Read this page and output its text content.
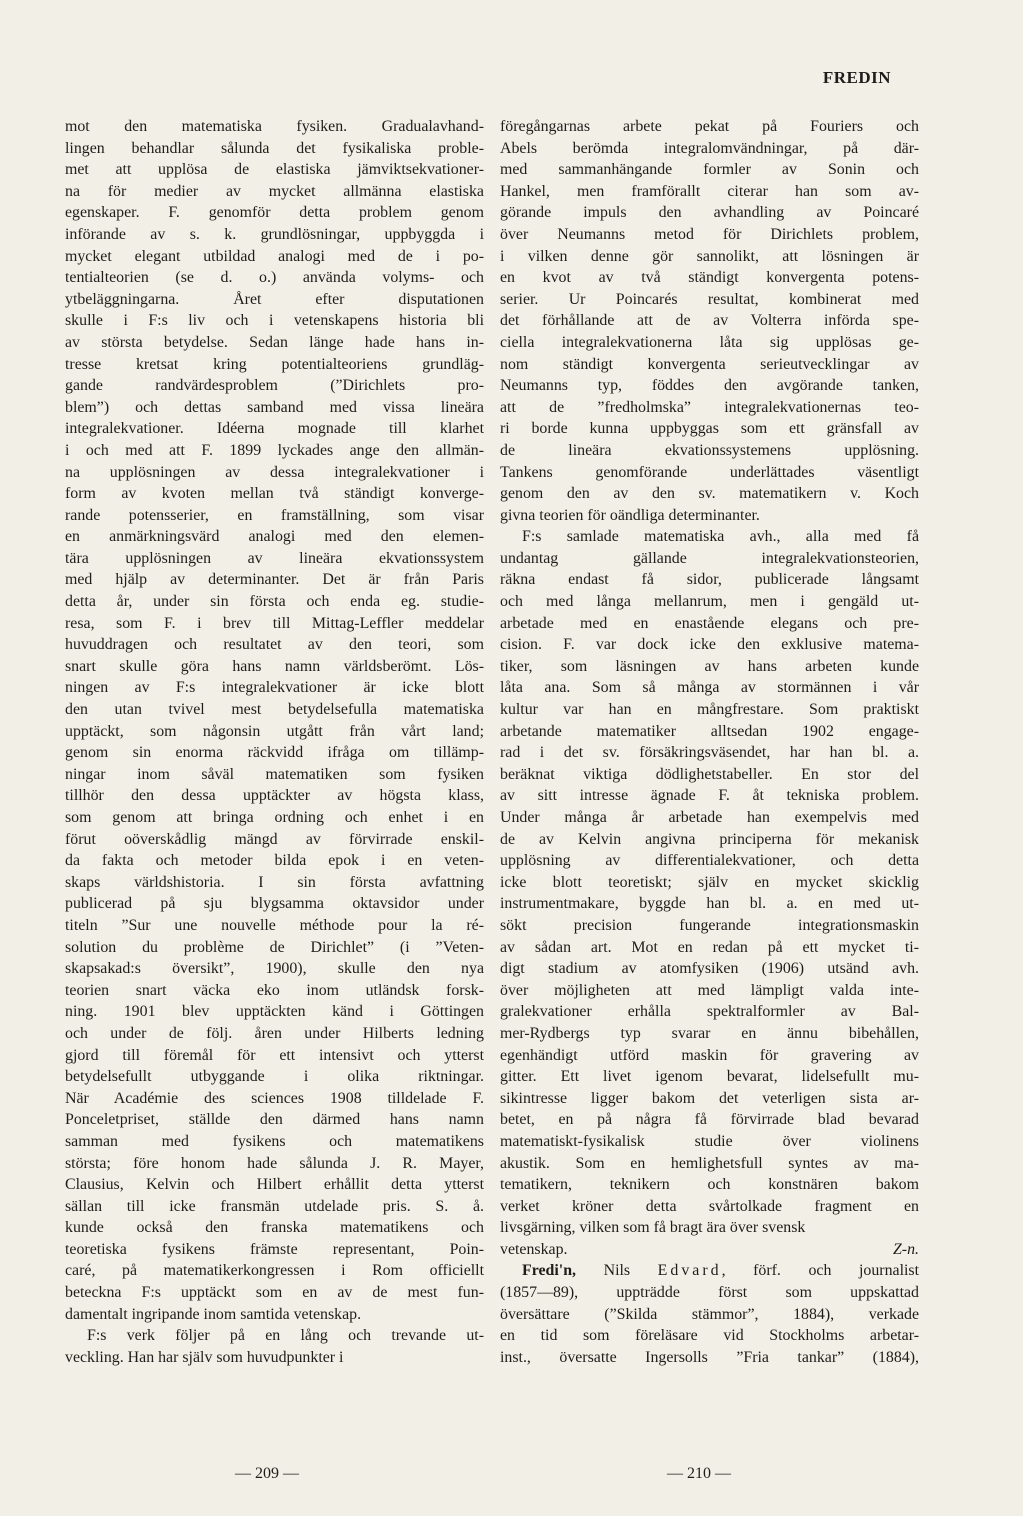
FREDIN

mot den matematiska fysiken. Gradualavhand-

lingen behandlar sålunda det fysikaliska proble-

met att upplösa de elastiska jämviktsekvationer-

na för medier av mycket allmänna elastiska

egenskaper. F. genomför detta problem genom

införande av s. k. grundlösningar, uppbyggda i

mycket elegant utbildad analogi med de i po-

tentialteorien (se d. o.) använda volyms- och

ytbeläggningarna. Året efter disputationen

skulle i F:s liv och i vetenskapens historia bli

av största betydelse. Sedan länge hade hans in-

tresse kretsat kring potentialteoriens grundläg-

gande randvärdesproblem (”Dirichlets pro-

blem”) och dettas samband med vissa lineära

integralekvationer. Idéerna mognade till klarhet

i och med att F. 1899 lyckades ange den allmän-

na upplösningen av dessa integralekvationer i

form av kvoten mellan två ständigt konverge-

rande potensserier, en framställning, som visar

en anmärkningsvärd analogi med den elemen-

tära upplösningen av lineära ekvationssystem

med hjälp av determinanter. Det är från Paris

detta år, under sin första och enda eg. studie-

resa, som F. i brev till Mittag-Leffler meddelar

huvuddragen och resultatet av den teori, som

snart skulle göra hans namn världsberömt. Lös-

ningen av F:s integralekvationer är icke blott

den utan tvivel mest betydelsefulla matematiska

upptäckt, som någonsin utgått från vårt land;

genom sin enorma räckvidd ifråga om tillämp-

ningar inom såväl matematiken som fysiken

tillhör den dessa upptäckter av högsta klass,

som genom att bringa ordning och enhet i en

förut oöverskådlig mängd av förvirrade enskil-

da fakta och metoder bilda epok i en veten-

skaps världshistoria. I sin första avfattning

publicerad på sju blygsamma oktavsidor under

titeln ”Sur une nouvelle méthode pour la ré-

solution du problème de Dirichlet” (i ”Veten-

skapsakad:s översikt”, 1900), skulle den nya

teorien snart väcka eko inom utländsk forsk-

ning. 1901 blev upptäckten känd i Göttingen

och under de följ. åren under Hilberts ledning

gjord till föremål för ett intensivt och ytterst

betydelsefullt utbyggande i olika riktningar.

När Académie des sciences 1908 tilldelade F.

Ponceletpriset, ställde den därmed hans namn

samman med fysikens och matematikens

största; före honom hade sålunda J. R. Mayer,

Clausius, Kelvin och Hilbert erhållit detta ytterst

sällan till icke fransmän utdelade pris. S. å.

kunde också den franska matematikens och

teoretiska fysikens främste representant, Poin-

caré, på matematikerkongressen i Rom officiellt

beteckna F:s upptäckt som en av de mest fun-

damentalt ingripande inom samtida vetenskap.

F:s verk följer på en lång och trevande ut-

veckling. Han har själv som huvudpunkter i

föregångarnas arbete pekat på Fouriers och

Abels berömda integralomvändningar, på där-

med sammanhängande formler av Sonin och

Hankel, men framförallt citerar han som av-

görande impuls den avhandling av Poincaré

över Neumanns metod för Dirichlets problem,

i vilken denne gör sannolikt, att lösningen är

en kvot av två ständigt konvergenta potens-

serier. Ur Poincarés resultat, kombinerat med

det förhållande att de av Volterra införda spe-

ciella integralekvationerna låta sig upplösas ge-

nom ständigt konvergenta serieutvecklingar av

Neumanns typ, föddes den avgörande tanken,

att de ”fredholmska” integralekvationernas teo-

ri borde kunna uppbyggas som ett gränsfall av

de lineära ekvationssystemens upplösning.

Tankens genomförande underlättades väsentligt

genom den av den sv. matematikern v. Koch

givna teorien för oändliga determinanter.

F:s samlade matematiska avh., alla med få

undantag gällande integralekvationsteorien,

räkna endast få sidor, publicerade långsamt

och med långa mellanrum, men i gengäld ut-

arbetade med en enastående elegans och pre-

cision. F. var dock icke den exklusive matema-

tiker, som läsningen av hans arbeten kunde

låta ana. Som så många av stormännen i vår

kultur var han en mångfrestare. Som praktiskt

arbetande matematiker alltsedan 1902 engage-

rad i det sv. försäkringsväsendet, har han bl. a.

beräknat viktiga dödlighetstabeller. En stor del

av sitt intresse ägnade F. åt tekniska problem.

Under många år arbetade han exempelvis med

de av Kelvin angivna principerna för mekanisk

upplösning av differentialekvationer, och detta

icke blott teoretiskt; själv en mycket skicklig

instrumentmakare, byggde han bl. a. en med ut-

sökt precision fungerande integrationsmaskin

av sådan art. Mot en redan på ett mycket ti-

digt stadium av atomfysiken (1906) utsänd avh.

över möjligheten att med lämpligt valda inte-

gralekvationer erhålla spektralformler av Bal-

mer-Rydbergs typ svarar en ännu bibehållen,

egenhändigt utförd maskin för gravering av

gitter. Ett livet igenom bevarat, lidelsefullt mu-

sikintresse ligger bakom det veterligen sista ar-

betet, en på några få förvirrade blad bevarad

matematiskt-fysikalisk studie över violinens

akustik. Som en hemlighetsfull syntes av ma-

tematikern, teknikern och konstnären bakom

verket kröner detta svårtolkade fragment en

livsgärning, vilken som få bragt ära över svensk

vetenskap.	Z-n.

Fredi'n, Nils Edvard, förf. och journalist

(1857—89), uppträdde först som uppskattad

översättare (”Skilda stämmor”, 1884), verkade

en tid som föreläsare vid Stockholms arbetar-

inst., översatte Ingersolls ”Fria tankar” (1884),

— 209 —	— 210 —
